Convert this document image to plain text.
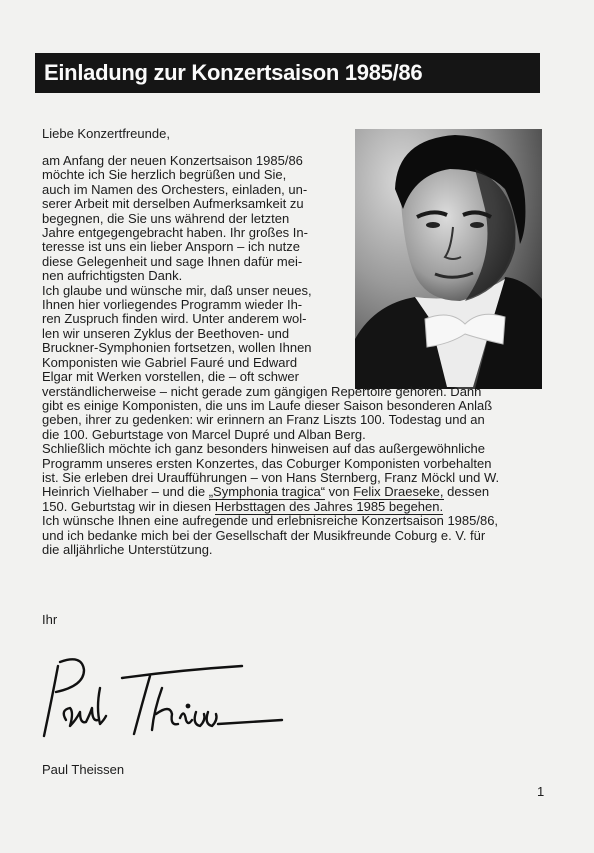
Einladung zur Konzertsaison 1985/86

Liebe Konzertfreunde,

am Anfang der neuen Konzertsaison 1985/86
möchte ich Sie herzlich begrüßen und Sie,
auch im Namen des Orchesters, einladen, un-
serer Arbeit mit derselben Aufmerksamkeit zu
begegnen, die Sie uns während der letzten
Jahre entgegengebracht haben. Ihr großes In-
teresse ist uns ein lieber Ansporn – ich nutze
diese Gelegenheit und sage Ihnen dafür mei-
nen aufrichtigsten Dank.
Ich glaube und wünsche mir, daß unser neues,
Ihnen hier vorliegendes Programm wieder Ih-
ren Zuspruch finden wird. Unter anderem wol-
len wir unseren Zyklus der Beethoven- und
Bruckner-Symphonien fortsetzen, wollen Ihnen
Komponisten wie Gabriel Fauré und Edward
Elgar mit Werken vorstellen, die – oft schwer
verständlicherweise – nicht gerade zum gängigen Repertoire gehören. Dann
gibt es einige Komponisten, die uns im Laufe dieser Saison besonderen Anlaß
geben, ihrer zu gedenken: wir erinnern an Franz Liszts 100. Todestag und an
die 100. Geburtstage von Marcel Dupré und Alban Berg.
Schließlich möchte ich ganz besonders hinweisen auf das außergewöhnliche
Programm unseres ersten Konzertes, das Coburger Komponisten vorbehalten
ist. Sie erleben drei Uraufführungen – von Hans Sternberg, Franz Möckl und W.
Heinrich Vielhaber – und die „Symphonia tragica“ von Felix Draeseke, dessen
150. Geburtstag wir in diesen Herbsttagen des Jahres 1985 begehen.
Ich wünsche Ihnen eine aufregende und erlebnisreiche Konzertsaison 1985/86,
und ich bedanke mich bei der Gesellschaft der Musikfreunde Coburg e. V. für
die alljährliche Unterstützung.

Ihr

Paul Theissen

1
